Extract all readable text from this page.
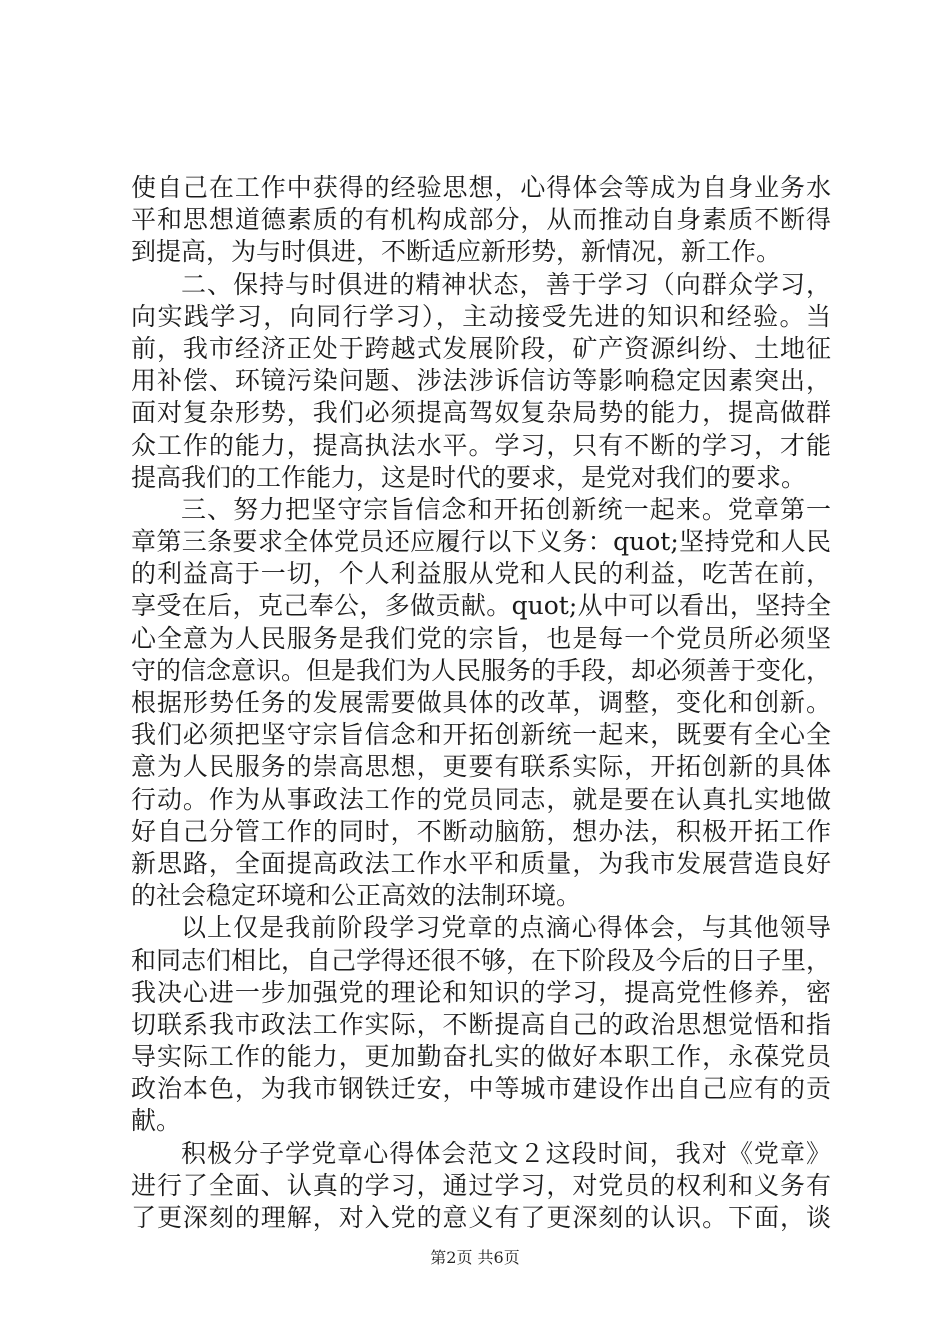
使自己在工作中获得的经验思想，心得体会等成为自身业务水
平和思想道德素质的有机构成部分，从而推动自身素质不断得
到提高，为与时俱进，不断适应新形势，新情况，新工作。
二、保持与时俱进的精神状态，善于学习（向群众学习，
向实践学习，向同行学习），主动接受先进的知识和经验。当
前，我市经济正处于跨越式发展阶段，矿产资源纠纷、土地征
用补偿、环镜污染问题、涉法涉诉信访等影响稳定因素突出，
面对复杂形势，我们必须提高驾奴复杂局势的能力，提高做群
众工作的能力，提高执法水平。学习，只有不断的学习，才能
提高我们的工作能力，这是时代的要求，是党对我们的要求。
三、努力把坚守宗旨信念和开拓创新统一起来。党章第一
章第三条要求全体党员还应履行以下义务：quot;坚持党和人民
的利益高于一切，个人利益服从党和人民的利益，吃苦在前，
享受在后，克己奉公，多做贡献。quot;从中可以看出，坚持全
心全意为人民服务是我们党的宗旨，也是每一个党员所必须坚
守的信念意识。但是我们为人民服务的手段，却必须善于变化，
根据形势任务的发展需要做具体的改革，调整，变化和创新。
我们必须把坚守宗旨信念和开拓创新统一起来，既要有全心全
意为人民服务的崇高思想，更要有联系实际，开拓创新的具体
行动。作为从事政法工作的党员同志，就是要在认真扎实地做
好自己分管工作的同时，不断动脑筋，想办法，积极开拓工作
新思路，全面提高政法工作水平和质量，为我市发展营造良好
的社会稳定环境和公正高效的法制环境。
以上仅是我前阶段学习党章的点滴心得体会，与其他领导
和同志们相比，自己学得还很不够，在下阶段及今后的日子里，
我决心进一步加强党的理论和知识的学习，提高党性修养，密
切联系我市政法工作实际，不断提高自己的政治思想觉悟和指
导实际工作的能力，更加勤奋扎实的做好本职工作，永葆党员
政治本色，为我市钢铁迁安，中等城市建设作出自己应有的贡
献。
积极分子学党章心得体会范文２这段时间，我对《党章》
进行了全面、认真的学习，通过学习，对党员的权利和义务有
了更深刻的理解，对入党的意义有了更深刻的认识。下面，谈
第2页 共6页
